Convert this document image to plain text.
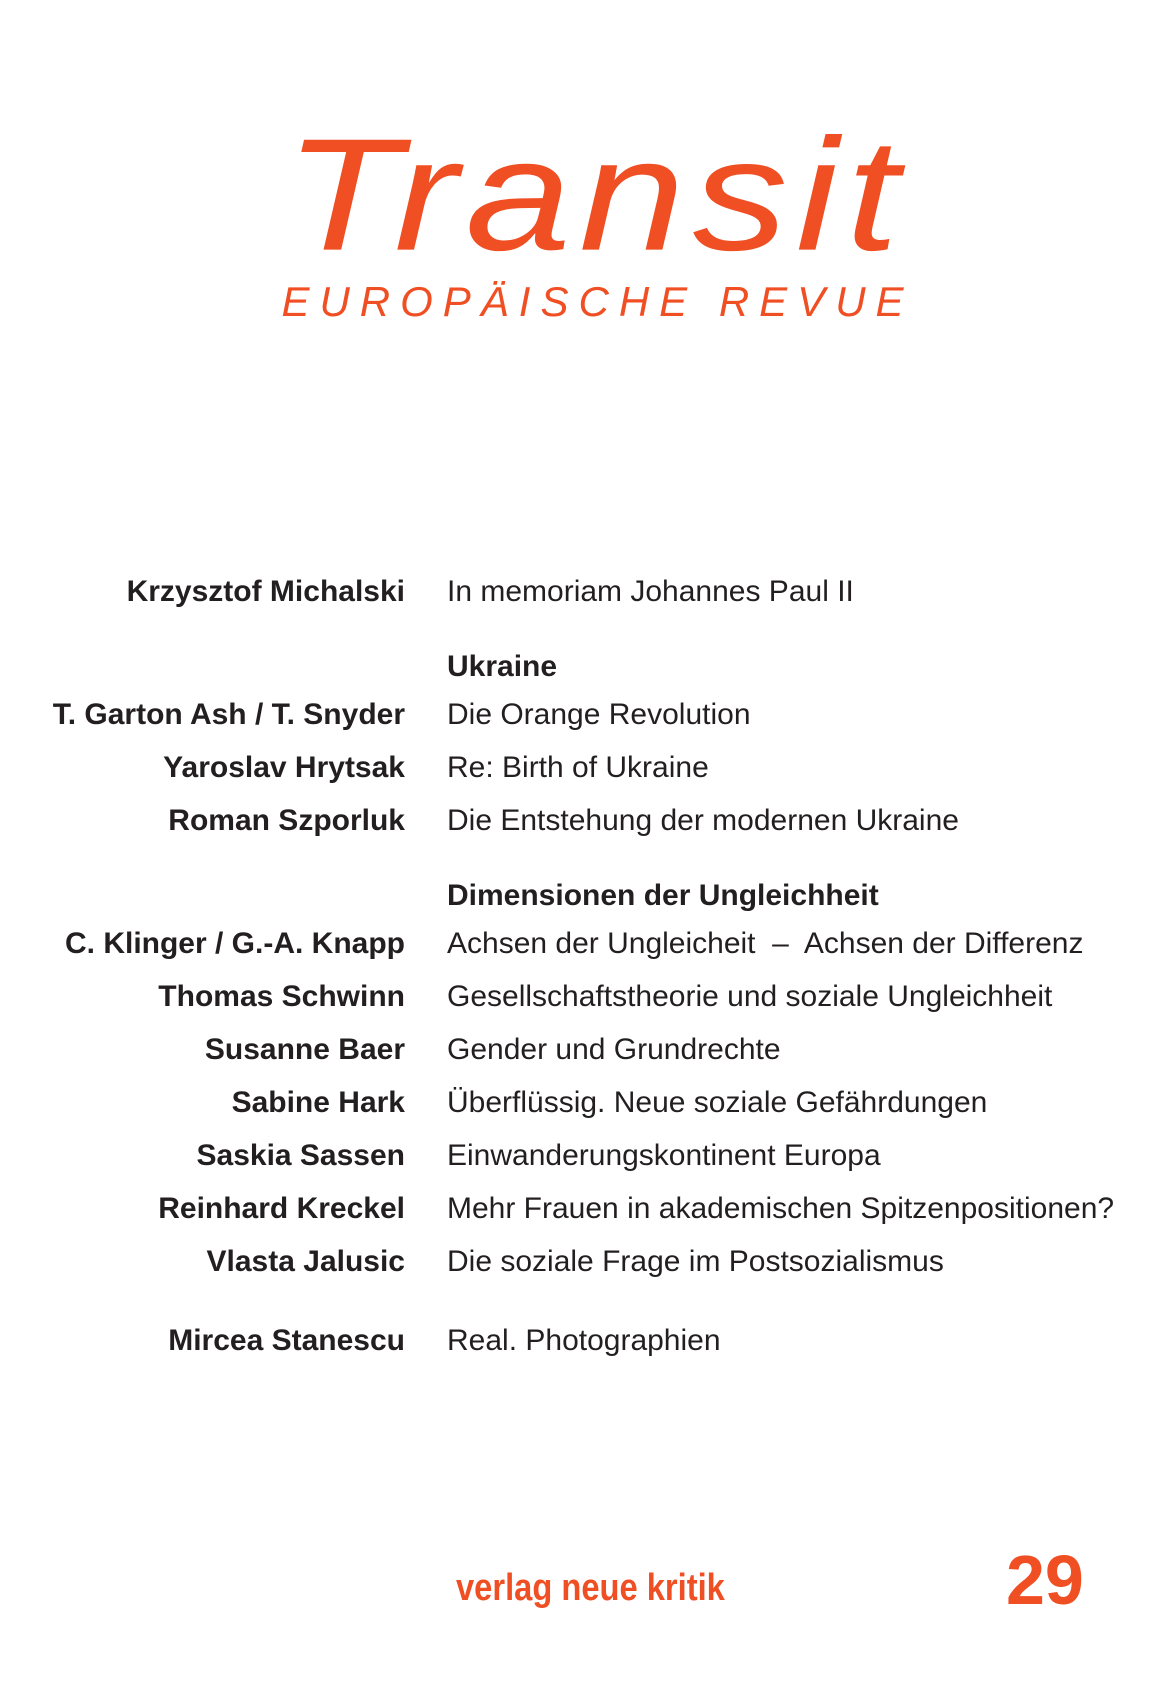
Transit
EUROPÄISCHE REVUE
Krzysztof Michalski In memoriam Johannes Paul II
Ukraine
T. Garton Ash / T. Snyder Die Orange Revolution
Yaroslav Hrytsak Re: Birth of Ukraine
Roman Szporluk Die Entstehung der modernen Ukraine
Dimensionen der Ungleichheit
C. Klinger / G.-A. Knapp Achsen der Ungleicheit  –  Achsen der Differenz
Thomas Schwinn Gesellschaftstheorie und soziale Ungleichheit
Susanne Baer Gender und Grundrechte
Sabine Hark Überflüssig. Neue soziale Gefährdungen
Saskia Sassen Einwanderungskontinent Europa
Reinhard Kreckel Mehr Frauen in akademischen Spitzenpositionen?
Vlasta Jalusic Die soziale Frage im Postsozialismus
Mircea Stanescu Real. Photographien
verlag neue kritik	29
